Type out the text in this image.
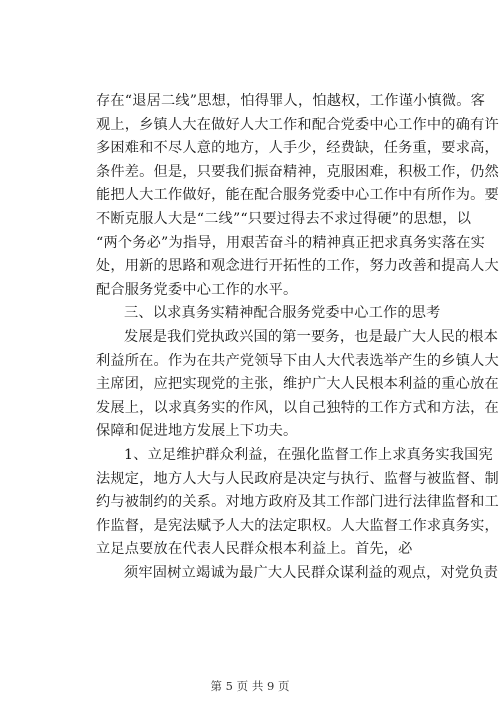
存在“退居二线”思想，怕得罪人，怕越权，工作谨小慎微。客
观上，乡镇人大在做好人大工作和配合党委中心工作中的确有许
多困难和不尽人意的地方，人手少，经费缺，任务重，要求高，
条件差。但是，只要我们振奋精神，克服困难，积极工作，仍然
能把人大工作做好，能在配合服务党委中心工作中有所作为。要
不断克服人大是“二线”“只要过得去不求过得硬”的思想，以
“两个务必”为指导，用艰苦奋斗的精神真正把求真务实落在实
处，用新的思路和观念进行开拓性的工作，努力改善和提高人大
配合服务党委中心工作的水平。
三、以求真务实精神配合服务党委中心工作的思考
发展是我们党执政兴国的第一要务，也是最广大人民的根本
利益所在。作为在共产党领导下由人大代表选举产生的乡镇人大
主席团，应把实现党的主张，维护广大人民根本利益的重心放在
发展上，以求真务实的作风，以自己独特的工作方式和方法，在
保障和促进地方发展上下功夫。
1、立足维护群众利益，在强化监督工作上求真务实我国宪
法规定，地方人大与人民政府是决定与执行、监督与被监督、制
约与被制约的关系。对地方政府及其工作部门进行法律监督和工
作监督，是宪法赋予人大的法定职权。人大监督工作求真务实，
立足点要放在代表人民群众根本利益上。首先，必
须牢固树立竭诚为最广大人民群众谋利益的观点，对党负责
第 5 页 共 9 页
